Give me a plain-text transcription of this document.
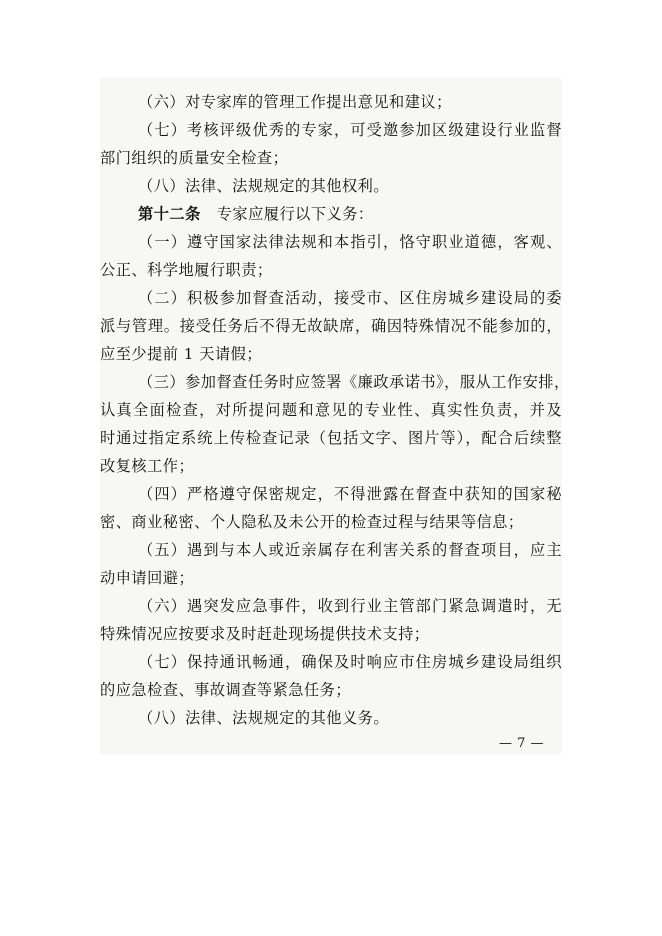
（六）对专家库的管理工作提出意见和建议；
（七）考核评级优秀的专家，可受邀参加区级建设行业监督
部门组织的质量安全检查；
（八）法律、法规规定的其他权利。
第十二条 专家应履行以下义务：
（一）遵守国家法律法规和本指引，恪守职业道德，客观、
公正、科学地履行职责；
（二）积极参加督查活动，接受市、区住房城乡建设局的委
派与管理。接受任务后不得无故缺席，确因特殊情况不能参加的，
应至少提前 1 天请假；
（三）参加督查任务时应签署《廉政承诺书》，服从工作安排，
认真全面检查，对所提问题和意见的专业性、真实性负责，并及
时通过指定系统上传检查记录（包括文字、图片等），配合后续整
改复核工作；
（四）严格遵守保密规定，不得泄露在督查中获知的国家秘
密、商业秘密、个人隐私及未公开的检查过程与结果等信息；
（五）遇到与本人或近亲属存在利害关系的督查项目，应主
动申请回避；
（六）遇突发应急事件，收到行业主管部门紧急调遣时，无
特殊情况应按要求及时赶赴现场提供技术支持；
（七）保持通讯畅通，确保及时响应市住房城乡建设局组织
的应急检查、事故调查等紧急任务；
（八）法律、法规规定的其他义务。
— 7 —
